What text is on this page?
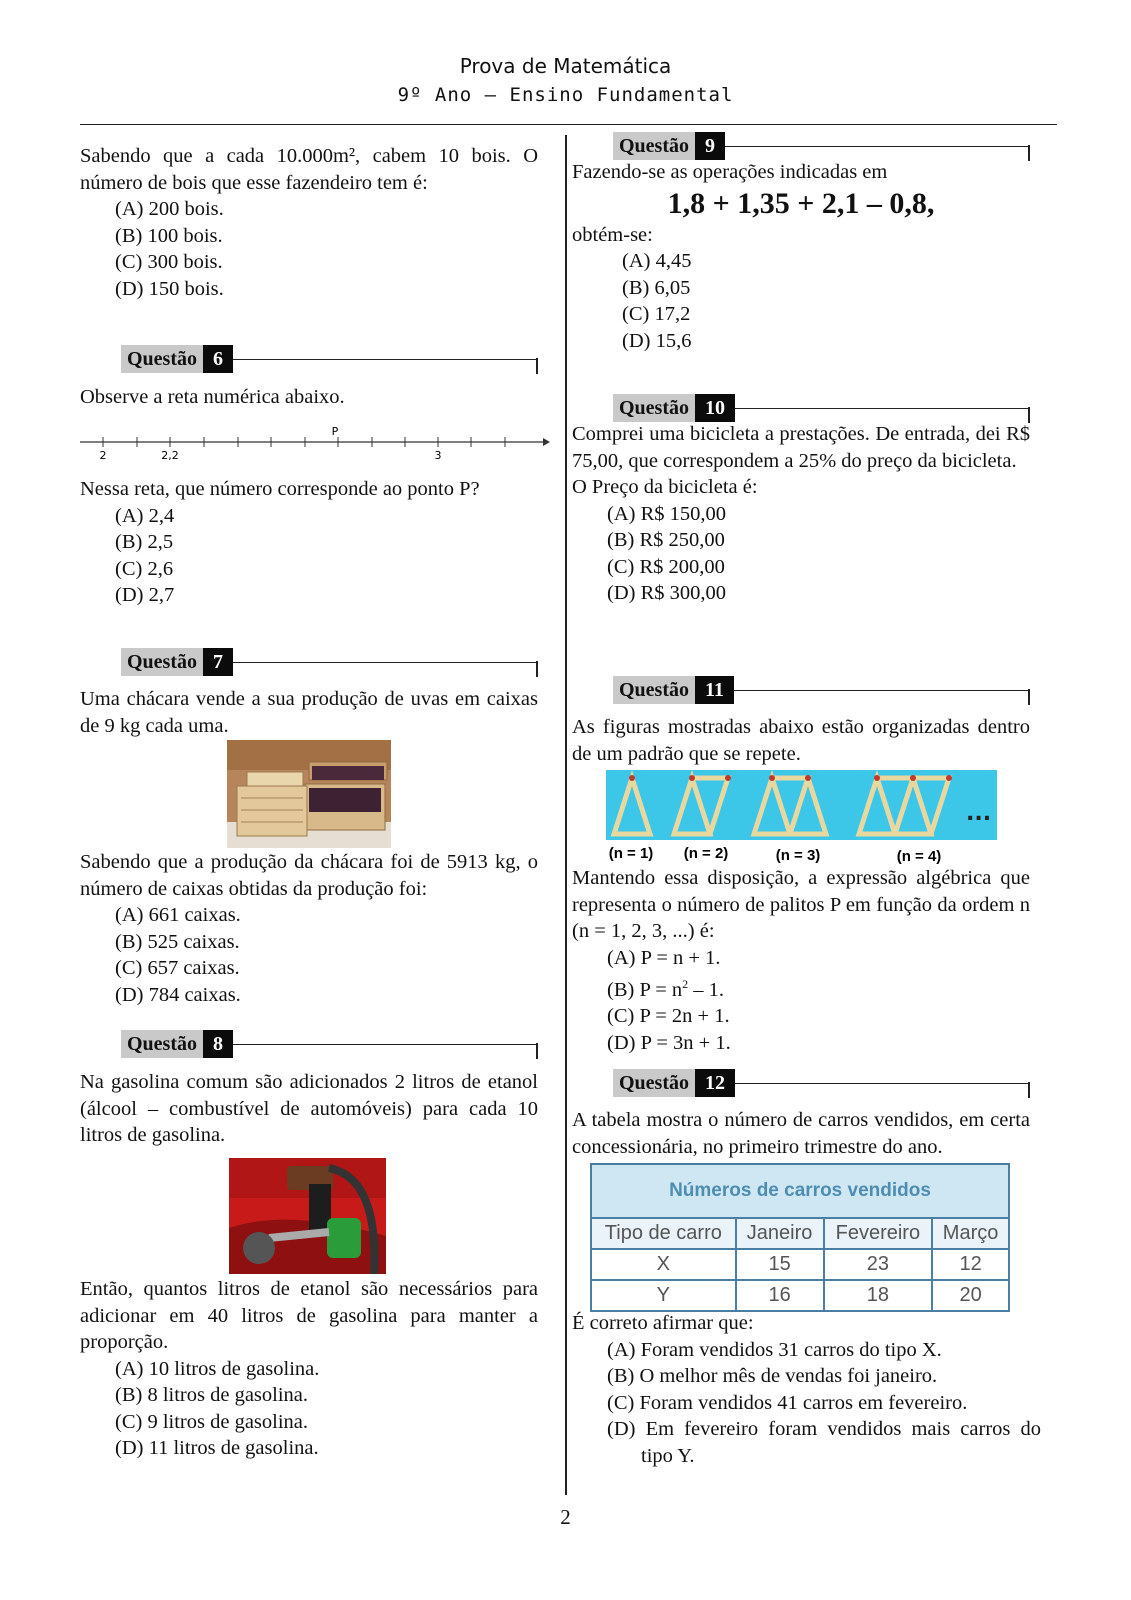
Prova de Matemática
9º Ano – Ensino Fundamental

Sabendo que a cada 10.000m², cabem 10 bois. O número de bois que esse fazendeiro tem é:

(A) 200 bois.
(B) 100 bois.
(C) 300 bois.
(D) 150 bois.
Questão 6

Observe a reta numérica abaixo.

P
2	2,2	3

Nessa reta, que número corresponde ao ponto P?

(A) 2,4
(B) 2,5
(C) 2,6
(D) 2,7
Questão 7

Uma chácara vende a sua produção de uvas em caixas de 9 kg cada uma.

Sabendo que a produção da chácara foi de 5913 kg, o número de caixas obtidas da produção foi:

(A) 661 caixas.
(B) 525 caixas.
(C) 657 caixas.
(D) 784 caixas.
Questão 8

Na gasolina comum são adicionados 2 litros de etanol (álcool – combustível de automóveis) para cada 10 litros de gasolina.

Então, quantos litros de etanol são necessários para adicionar em 40 litros de gasolina para manter a proporção.

(A) 10 litros de gasolina.
(B) 8 litros de gasolina.
(C) 9 litros de gasolina.
(D) 11 litros de gasolina.
Questão 9

Fazendo-se as operações indicadas em

1,8 + 1,35 + 2,1 – 0,8,

obtém-se:

(A) 4,45
(B) 6,05
(C) 17,2
(D) 15,6
Questão 10

Comprei uma bicicleta a prestações. De entrada, dei R$ 75,00, que correspondem a 25% do preço da bicicleta.

O Preço da bicicleta é:

(A) R$ 150,00
(B) R$ 250,00
(C) R$ 200,00
(D) R$ 300,00
Questão 11

As figuras mostradas abaixo estão organizadas dentro de um padrão que se repete.

...
(n = 1) (n = 2)	(n = 3)	(n = 4)

Mantendo essa disposição, a expressão algébrica que representa o número de palitos P em função da ordem n (n = 1, 2, 3, ...) é:

(A) P = n + 1.
(B) $P = n^2 - 1$.
(C) P = 2n + 1.
(D) P = 3n + 1.
Questão 12

A tabela mostra o número de carros vendidos, em certa concessionária, no primeiro trimestre do ano.

Números de carros vendidos			
Tipo de carro	Janeiro	Fevereiro	Março
X	15	23	12
Y	16	18	20

É correto afirmar que:

(A) Foram vendidos 31 carros do tipo X.
(B) O melhor mês de vendas foi janeiro.
(C) Foram vendidos 41 carros em fevereiro.
(D) Em fevereiro foram vendidos mais carros do tipo Y.
2
